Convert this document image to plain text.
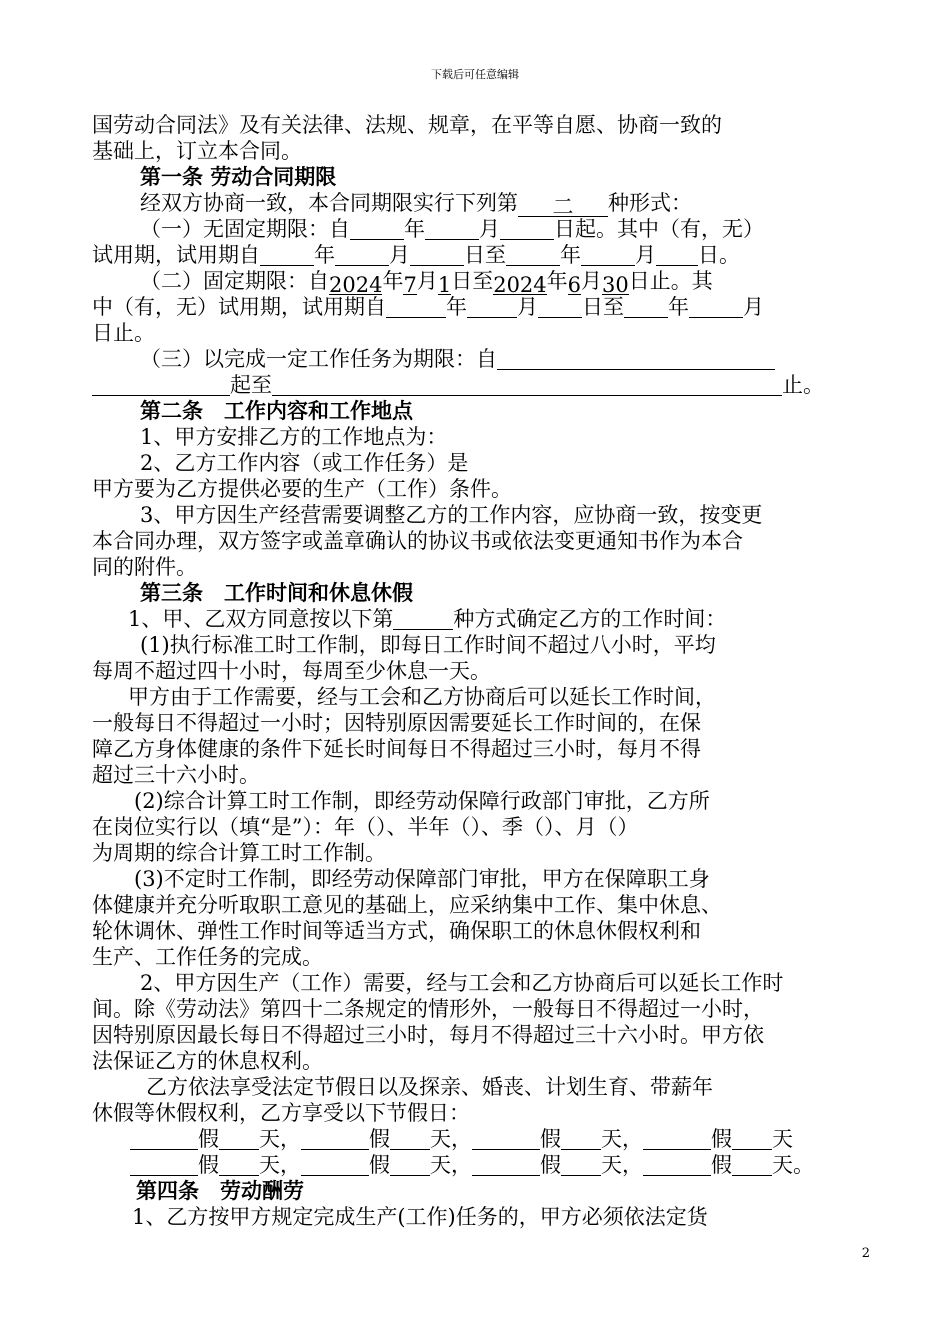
下载后可任意编辑
国劳动合同法》及有关法律、法规、规章，在平等自愿、协商一致的
基础上，订立本合同。
第一条 劳动合同期限
经双方协商一致，本合同期限实行下列第 二 种形式：
（一）无固定期限：自	年	月	日起。其中（有，无）
试用期，试用期自	年	月	日至	年	月 日。
（二）固定期限：自2024年7月1日至2024年6月30日止。其
中（有，无）试用期，试用期自	年 月 日至 年	月
日止。
（三）以完成一定工作任务为期限：自
起至	止。
第二条　工作内容和工作地点
1、甲方安排乙方的工作地点为：
2、乙方工作内容（或工作任务）是
甲方要为乙方提供必要的生产（工作）条件。
3、甲方因生产经营需要调整乙方的工作内容，应协商一致，按变更
本合同办理，双方签字或盖章确认的协议书或依法变更通知书作为本合
同的附件。
第三条　工作时间和休息休假
1、甲、乙双方同意按以下第	种方式确定乙方的工作时间：
(1)执行标准工时工作制，即每日工作时间不超过八小时，平均
每周不超过四十小时，每周至少休息一天。
甲方由于工作需要，经与工会和乙方协商后可以延长工作时间，
一般每日不得超过一小时；因特别原因需要延长工作时间的，在保
障乙方身体健康的条件下延长时间每日不得超过三小时，每月不得
超过三十六小时。
(2)综合计算工时工作制，即经劳动保障行政部门审批，乙方所
在岗位实行以（填“是”）：年（）、半年（）、季（）、月（）
为周期的综合计算工时工作制。
(3)不定时工作制，即经劳动保障部门审批，甲方在保障职工身
体健康并充分听取职工意见的基础上，应采纳集中工作、集中休息、
轮休调休、弹性工作时间等适当方式，确保职工的休息休假权利和
生产、工作任务的完成。
2、甲方因生产（工作）需要，经与工会和乙方协商后可以延长工作时
间。除《劳动法》第四十二条规定的情形外，一般每日不得超过一小时，
因特别原因最长每日不得超过三小时，每月不得超过三十六小时。甲方依
法保证乙方的休息权利。
乙方依法享受法定节假日以及探亲、婚丧、计划生育、带薪年
休假等休假权利，乙方享受以下节假日：
假 天，	假 天，	假 天，	假 天
假 天，	假 天，	假 天，	假 天。
第四条　劳动酬劳
1、乙方按甲方规定完成生产(工作)任务的，甲方必须依法定货
2
